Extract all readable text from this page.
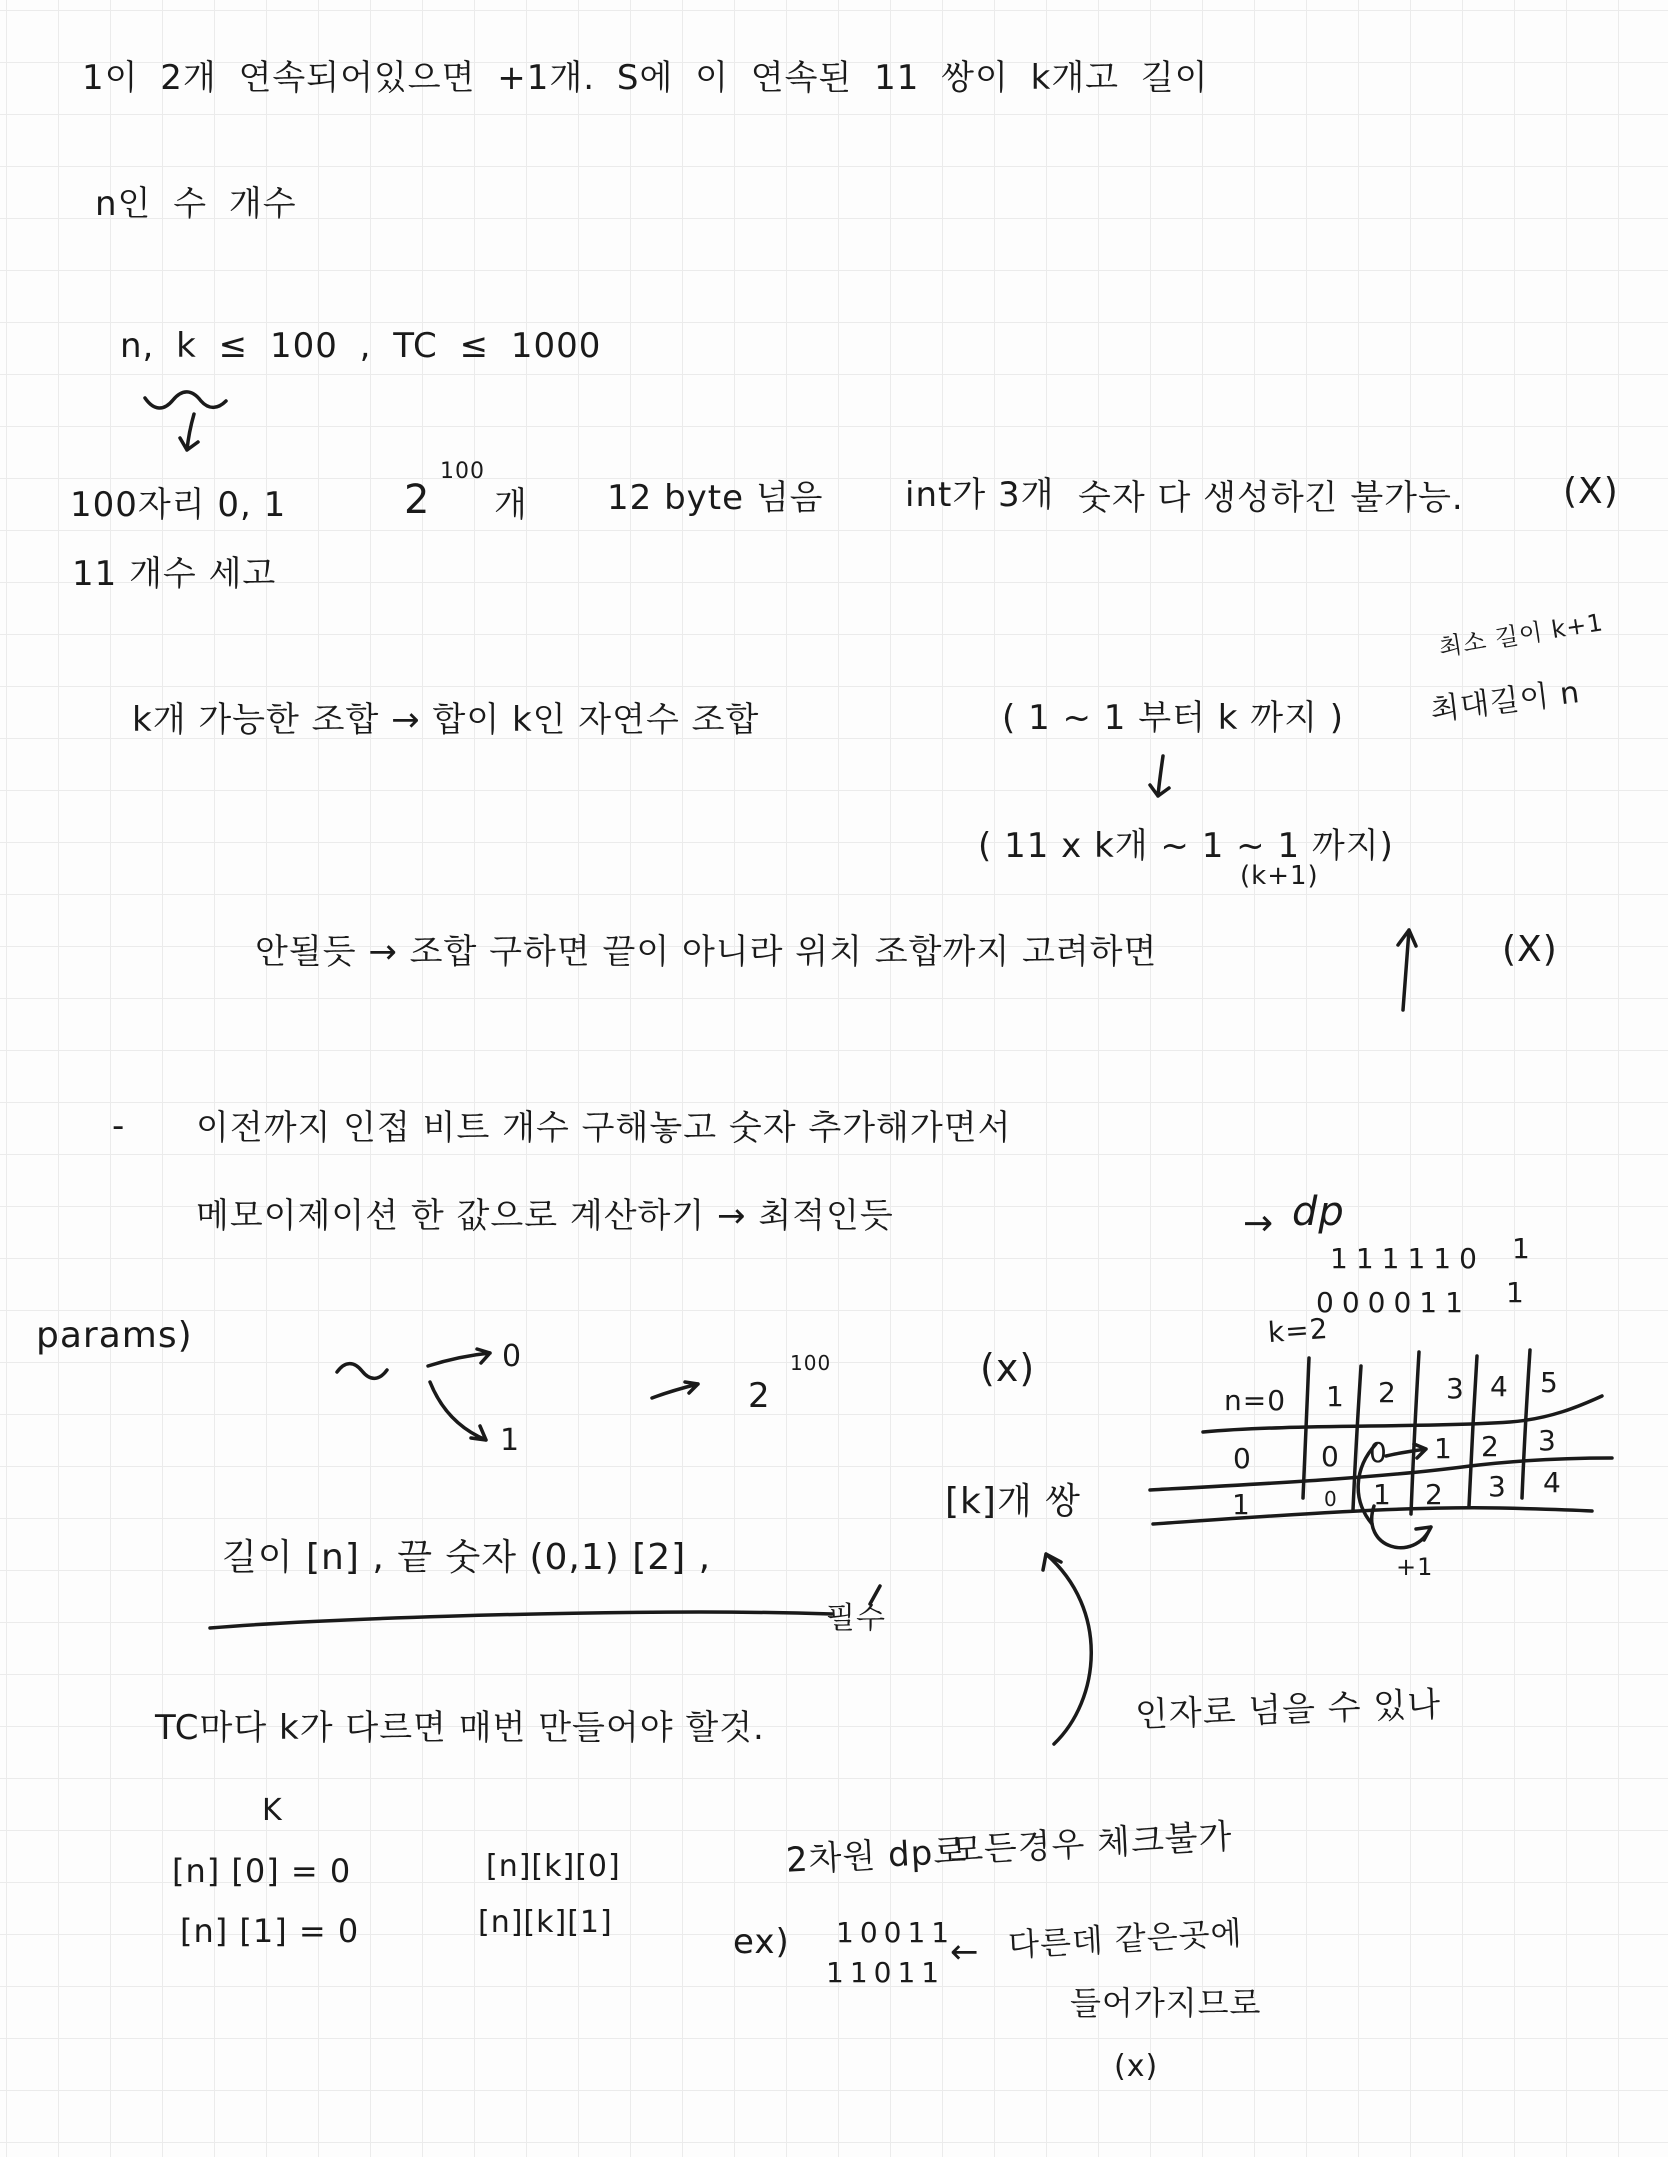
1이 2개 연속되어있으면 +1개. S에 이 연속된 11 쌍이 k개고 길이
n인 수 개수
n, k ≤ 100 , TC ≤ 1000
100자리 0, 1	2
100
개 12 byte 넘음 int가 3개 숫자 다 생성하긴 불가능.	(X)
11 개수 세고
최소 길이 k+1
k개 가능한 조합 → 합이 k인 자연수 조합	( 1 ~ 1 부터 k 까지 )	최대길이 n
( 11 x k개 ~ 1 ~ 1 까지)
(k+1)
안될듯 → 조합 구하면 끝이 아니라 위치 조합까지 고려하면	(X)
- 이전까지 인접 비트 개수 구해놓고 숫자 추가해가면서
메모이제이션 한 값으로 계산하기 → 최적인듯	→ dp
111110 1
000011 1
k=2
n=0 1 2 3 4 5
0 0 0 1 2 3
1	0 1 2 3 4
+1
params)
0
1
2
100	(x)
[k]개 쌍
길이 [n] , 끝 숫자 (0,1) [2] ,
필수
TC마다 k가 다르면 매번 만들어야 할것.	인자로 넘을 수 있나
K
[n] [0] = 0
[n] [1] = 0
[n][k][0]
[n][k][1]
2차원 dp로
모든경우 체크불가
ex) 10011
11011
← 다른데 같은곳에
들어가지므로
(x)
